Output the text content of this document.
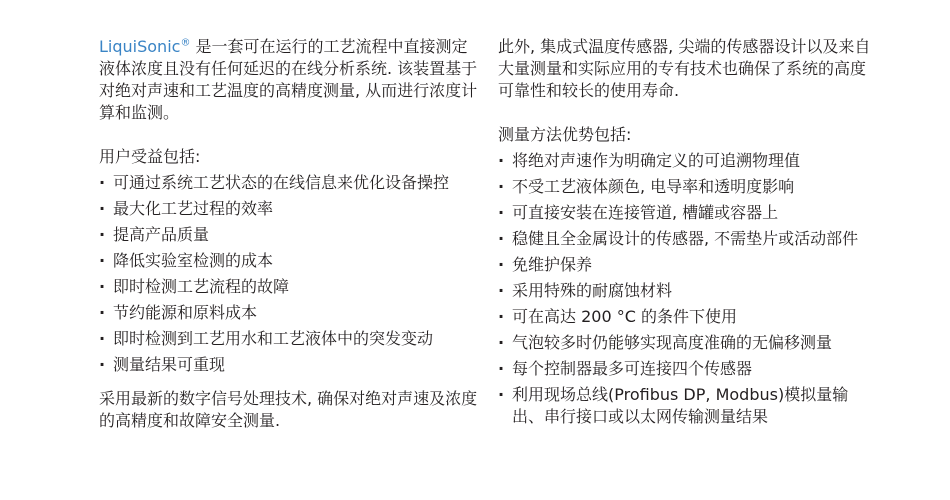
LiquiSonic® 是一套可在运行的工艺流程中直接测定液体浓度且没有任何延迟的在线分析系统. 该装置基于对绝对声速和工艺温度的高精度测量, 从而进行浓度计算和监测。

用户受益包括:

· 可通过系统工艺状态的在线信息来优化设备操控
· 最大化工艺过程的效率
· 提高产品质量
· 降低实验室检测的成本
· 即时检测工艺流程的故障
· 节约能源和原料成本
· 即时检测到工艺用水和工艺液体中的突发变动
· 测量结果可重现

采用最新的数字信号处理技术, 确保对绝对声速及浓度的高精度和故障安全测量.

此外, 集成式温度传感器, 尖端的传感器设计以及来自大量测量和实际应用的专有技术也确保了系统的高度可靠性和较长的使用寿命.

测量方法优势包括:

· 将绝对声速作为明确定义的可追溯物理值
· 不受工艺液体颜色, 电导率和透明度影响
· 可直接安装在连接管道, 槽罐或容器上
· 稳健且全金属设计的传感器, 不需垫片或活动部件
· 免维护保养
· 采用特殊的耐腐蚀材料
· 可在高达 200 °C 的条件下使用
· 气泡较多时仍能够实现高度准确的无偏移测量
· 每个控制器最多可连接四个传感器
· 利用现场总线(Profibus DP, Modbus)模拟量输出、串行接口或以太网传输测量结果
